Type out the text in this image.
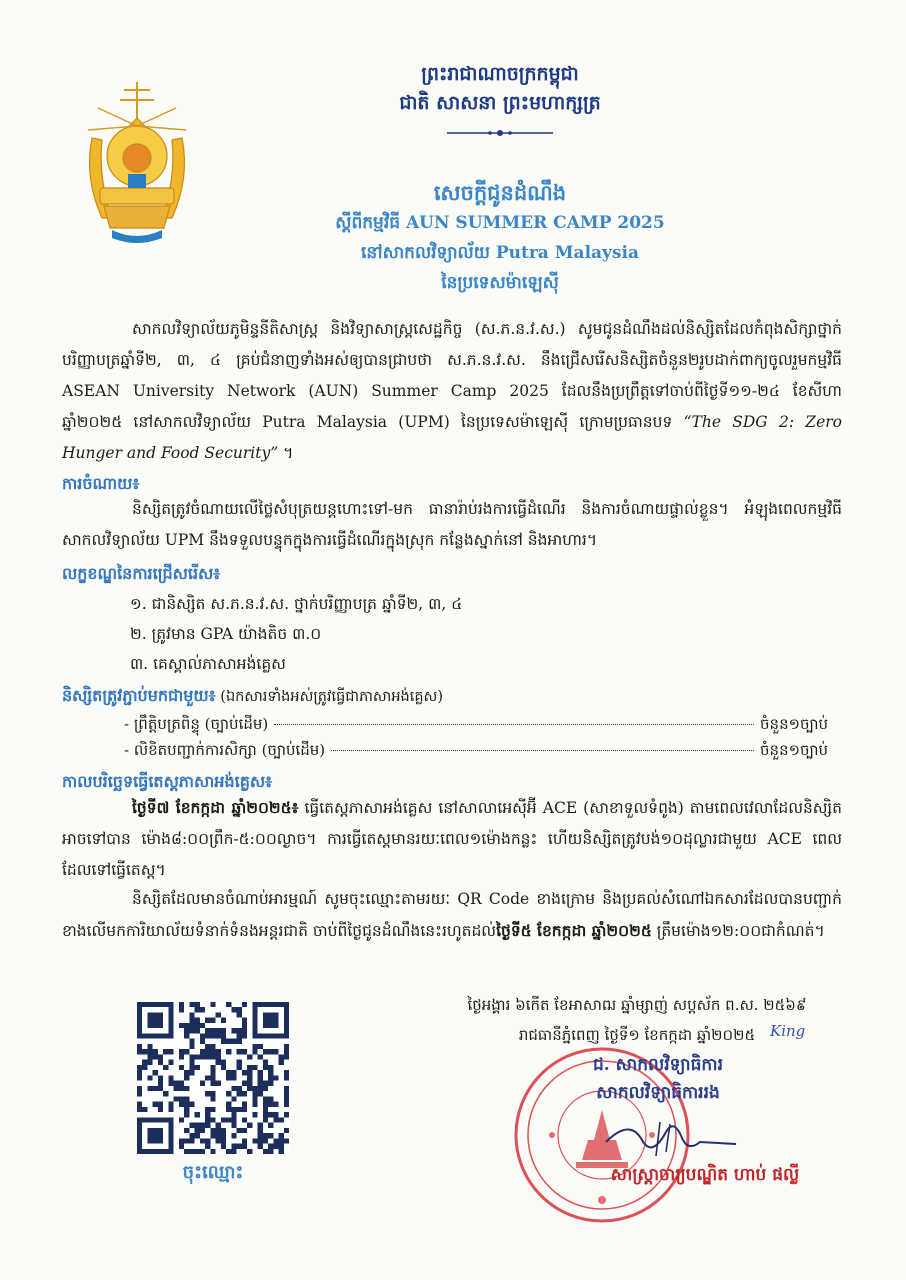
ព្រះរាជាណាចក្រកម្ពុជា

ជាតិ សាសនា ព្រះមហាក្សត្រ

សេចក្ដីជូនដំណឹង
ស្ដីពីកម្មវិធី AUN SUMMER CAMP 2025
នៅសាកលវិទ្យាល័យ Putra Malaysia
នៃប្រទេសម៉ាឡេស៊ី
សាកលវិទ្យាល័យភូមិន្ទនីតិសាស្ត្រ និងវិទ្យាសាស្ត្រសេដ្ឋកិច្ច (ស.ភ.ន.វ.ស.) សូមជូនដំណឹងដល់និស្សិតដែលកំពុងសិក្សាថ្នាក់បរិញ្ញាបត្រឆ្នាំទី២, ៣, ៤ គ្រប់ជំនាញទាំងអស់ឲ្យបានជ្រាបថា ស.ភ.ន.វ.ស. នឹងជ្រើសរើសនិស្សិតចំនួន២រូបដាក់ពាក្យចូលរួមកម្មវិធី ASEAN University Network (AUN) Summer Camp 2025 ដែលនឹងប្រព្រឹត្តទៅចាប់ពីថ្ងៃទី១១-២៤ ខែសីហា ឆ្នាំ២០២៥ នៅសាកលវិទ្យាល័យ Putra Malaysia (UPM) នៃប្រទេសម៉ាឡេស៊ី ក្រោមប្រធានបទ “The SDG 2: Zero Hunger and Food Security” ។
ការចំណាយ៖
និស្សិតត្រូវចំណាយលើថ្លៃសំបុត្រយន្តហោះទៅ-មក ធានារ៉ាប់រងការធ្វើដំណើរ និងការចំណាយផ្ទាល់ខ្លួន។ អំឡុងពេលកម្មវិធី សាកលវិទ្យាល័យ UPM នឹងទទួលបន្ទុកក្នុងការធ្វើដំណើរក្នុងស្រុក កន្លែងស្នាក់នៅ និងអាហារ។
លក្ខខណ្ឌនៃការជ្រើសរើស៖
១. ជានិស្សិត ស.ភ.ន.វ.ស. ថ្នាក់បរិញ្ញាបត្រ ឆ្នាំទី២, ៣, ៤
២. ត្រូវមាន GPA យ៉ាងតិច ៣.០
៣. គេស្គាល់ភាសាអង់គ្លេស
និស្សិតត្រូវភ្ជាប់មកជាមួយ៖ (ឯកសារទាំងអស់ត្រូវធ្វើជាភាសាអង់គ្លេស)
- ព្រឹត្តិបត្រពិន្ទុ (ច្បាប់ដើម)	ចំនួន១ច្បាប់
- លិខិតបញ្ជាក់ការសិក្សា (ច្បាប់ដើម)	ចំនួន១ច្បាប់
កាលបរិច្ឆេទធ្វើតេស្តភាសាអង់គ្លេស៖
ថ្ងៃទី៧ ខែកក្កដា ឆ្នាំ២០២៥៖ ធ្វើតេស្តភាសាអង់គ្លេស នៅសាលាអេស៊ីអ៊ី ACE (សាខាទួលទំពូង) តាមពេលវេលាដែលនិស្សិតអាចទៅបាន ម៉ោង៨:០០ព្រឹក-៥:០០ល្ងាច។ ការធ្វើតេស្តមានរយៈពេល១ម៉ោងកន្លះ ហើយនិស្សិតត្រូវបង់១០ដុល្លារជាមួយ ACE ពេលដែលទៅធ្វើតេស្ត។
និស្សិតដែលមានចំណាប់អារម្មណ៍ សូមចុះឈ្មោះតាមរយៈ QR Code ខាងក្រោម និងប្រគល់សំណៅឯកសារដែលបានបញ្ជាក់ខាងលើមកការិយាល័យទំនាក់ទំនងអន្តរជាតិ ចាប់ពីថ្ងៃជូនដំណឹងនេះរហូតដល់ថ្ងៃទី៥ ខែកក្កដា ឆ្នាំ២០២៥ ត្រឹមម៉ោង១២:០០ជាកំណត់។
ចុះឈ្មោះ
ថ្ងៃអង្គារ ៦កើត ខែអាសាឍ ឆ្នាំម្សាញ់ សប្តស័ក ព.ស. ២៥៦៩
រាជធានីភ្នំពេញ ថ្ងៃទី១ ខែកក្កដា ឆ្នាំ២០២៥ King
ជ. សាកលវិទ្យាធិការ
សាកលវិទ្យាធិការរង
សាស្ត្រាចារ្យបណ្ឌិត ហាប់ ផល្លី
